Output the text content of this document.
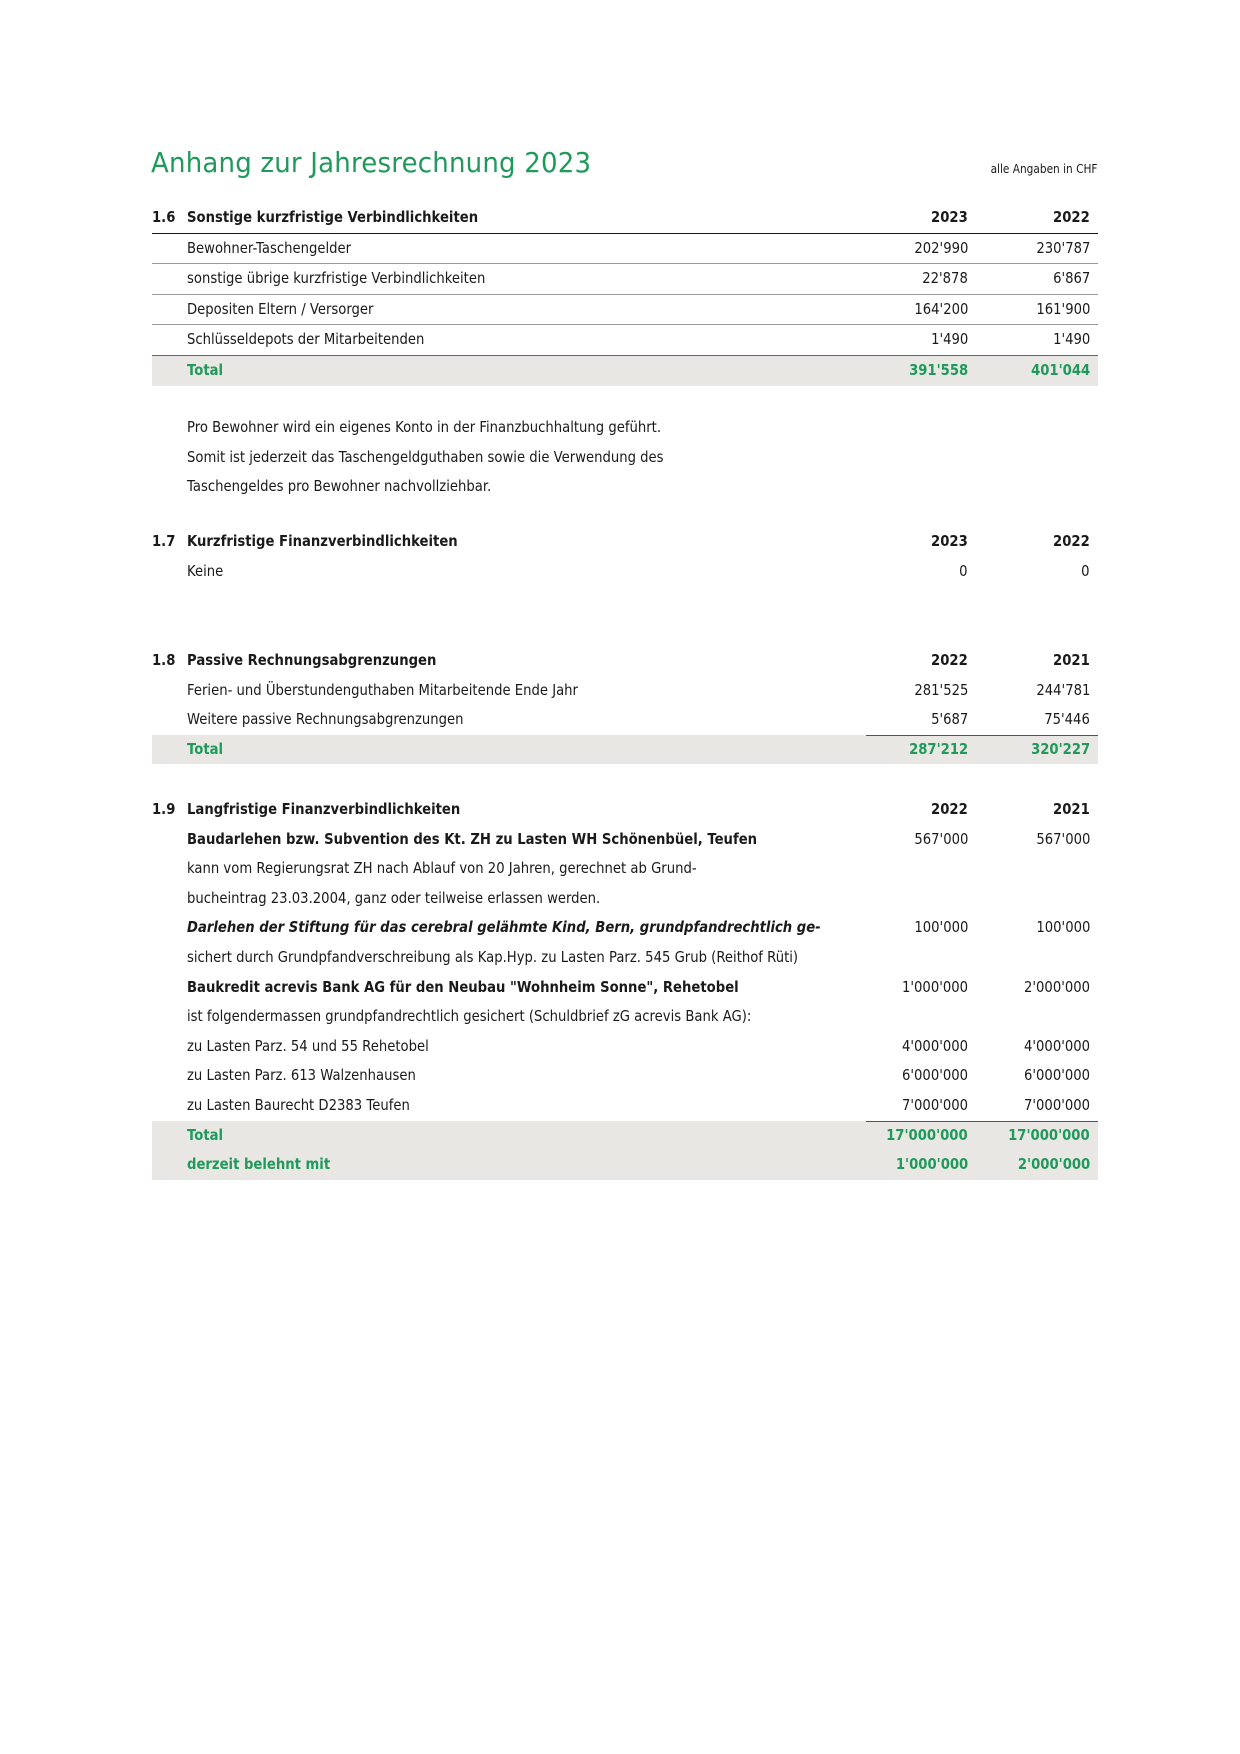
Anhang zur Jahresrechnung 2023	alle Angaben in CHF
1.6 Sonstige kurzfristige Verbindlichkeiten	2023	2022
Bewohner-Taschengelder	202'990	230'787
sonstige übrige kurzfristige Verbindlichkeiten	22'878	6'867
Depositen Eltern / Versorger	164'200	161'900
Schlüsseldepots der Mitarbeitenden	1'490	1'490
Total	391'558	401'044
Pro Bewohner wird ein eigenes Konto in der Finanzbuchhaltung geführt.
Somit ist jederzeit das Taschengeldguthaben sowie die Verwendung des
Taschengeldes pro Bewohner nachvollziehbar.
1.7 Kurzfristige Finanzverbindlichkeiten	2023	2022
Keine	0	0
1.8 Passive Rechnungsabgrenzungen	2022	2021
Ferien- und Überstundenguthaben Mitarbeitende Ende Jahr	281'525	244'781
Weitere passive Rechnungsabgrenzungen	5'687	75'446
Total	287'212	320'227
1.9 Langfristige Finanzverbindlichkeiten	2022	2021
Baudarlehen bzw. Subvention des Kt. ZH zu Lasten WH Schönenbüel, Teufen	567'000	567'000
kann vom Regierungsrat ZH nach Ablauf von 20 Jahren, gerechnet ab Grund-
bucheintrag 23.03.2004, ganz oder teilweise erlassen werden.
Darlehen der Stiftung für das cerebral gelähmte Kind, Bern, grundpfandrechtlich ge-	100'000	100'000
sichert durch Grundpfandverschreibung als Kap.Hyp. zu Lasten Parz. 545 Grub (Reithof Rüti)
Baukredit acrevis Bank AG für den Neubau "Wohnheim Sonne", Rehetobel	1'000'000	2'000'000
ist folgendermassen grundpfandrechtlich gesichert (Schuldbrief zG acrevis Bank AG):
zu Lasten Parz. 54 und 55 Rehetobel	4'000'000	4'000'000
zu Lasten Parz. 613 Walzenhausen	6'000'000	6'000'000
zu Lasten Baurecht D2383 Teufen	7'000'000	7'000'000
Total	17'000'000	17'000'000
derzeit belehnt mit	1'000'000	2'000'000
